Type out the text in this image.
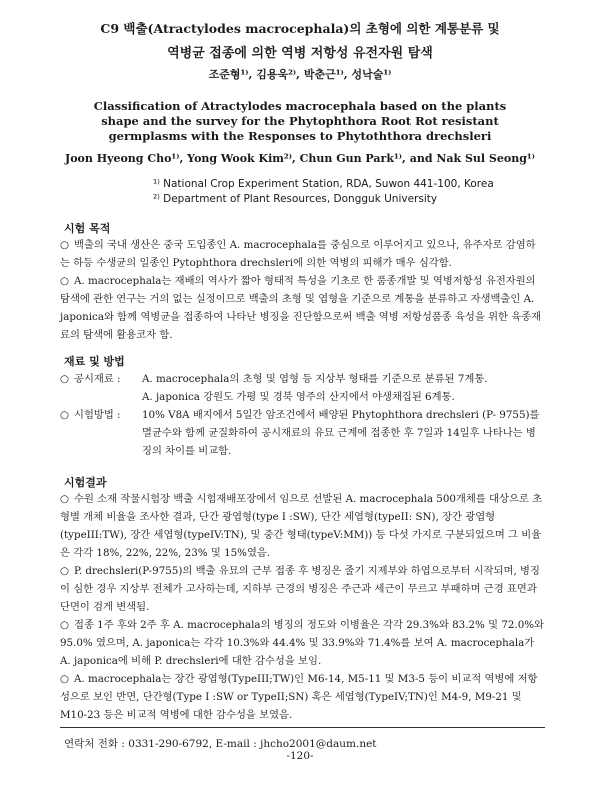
C9 백출(Atractylodes macrocephala)의 초형에 의한 계통분류 및
역병균 접종에 의한 역병 저항성 유전자원 탐색
조준형¹⁾, 김용욱²⁾, 박춘근¹⁾, 성낙술¹⁾
Classification of Atractylodes macrocephala based on the plants shape and the survey for the Phytophthora Root Rot resistant germplasms with the Responses to Phytoththora drechsleri
Joon Hyeong Cho¹⁾, Yong Wook Kim²⁾, Chun Gun Park¹⁾, and Nak Sul Seong¹⁾
¹⁾ National Crop Experiment Station, RDA, Suwon 441-100, Korea
²⁾ Department of Plant Resources, Dongguk University
시험 목적
○ 백출의 국내 생산은 중국 도입종인 A. macrocephala를 중심으로 이루어지고 있으나, 유주자로 감염하는 하등 수생균의 일종인 Pytophthora drechsleri에 의한 역병의 피해가 매우 심각함.
○ A. macrocephala는 재배의 역사가 짧아 형태적 특성을 기초로 한 품종개발 및 역병저항성 유전자원의 탐색에 관한 연구는 거의 없는 실정이므로 백출의 초형 및 엽형을 기준으로 계통을 분류하고 자생백출인 A. japonica와 함께 역병균을 접종하여 나타난 병징을 진단함으로써 백출 역병 저항성품종 육성을 위한 육종재료의 탐색에 활용코자 함.
재료 및 방법
○ 공시재료 :	A. macrocephala의 초형 및 엽형 등 지상부 형태를 기준으로 분류된 7계통.
A. japonica 강원도 가평 및 경북 영주의 산지에서 야생채집된 6계통.
○ 시험방법 :	10% V8A 배지에서 5일간 암조건에서 배양된 Phytophthora drechsleri (P- 9755)를 멸균수와 함께 균질화하여 공시재료의 유묘 근계에 접종한 후 7일과 14일후 나타나는 병징의 차이를 비교함.
시험결과
○ 수원 소재 작물시험장 백출 시험재배포장에서 임으로 선발된 A. macrocephala 500개체를 대상으로 초형별 개체 비율을 조사한 결과, 단간 광엽형(type I :SW), 단간 세엽형(typeII: SN), 장간 광엽형(typeIII:TW), 장간 세엽형(typeIV:TN), 및 중간 형태(typeV:MM)) 등 다섯 가지로 구분되었으며 그 비율은 각각 18%, 22%, 22%, 23% 및 15%였음.
○ P. drechsleri(P-9755)의 백출 유묘의 근부 접종 후 병징은 줄기 지제부와 하엽으로부터 시작되며, 병징이 심한 경우 지상부 전체가 고사하는데, 지하부 근경의 병징은 주근과 세근이 무르고 부패하며 근경 표면과 단면이 검게 변색됨.
○ 접종 1주 후와 2주 후 A. macrocephala의 병징의 정도와 이병율은 각각 29.3%와 83.2% 및 72.0%와 95.0% 였으며, A. japonica는 각각 10.3%와 44.4% 및 33.9%와 71.4%를 보여 A. macrocephala가 A. japonica에 비해 P. drechsleri에 대한 감수성을 보임.
○ A. macrocephala는 장간 광엽형(TypeIII;TW)인 M6-14, M5-11 및 M3-5 등이 비교적 역병에 저항성으로 보인 반면, 단간형(Type I :SW or TypeII;SN) 혹은 세엽형(TypeIV;TN)인 M4-9, M9-21 및 M10-23 등은 비교적 역병에 대한 감수성을 보였음.
연락처 전화 : 0331-290-6792, E-mail : jhcho2001@daum.net
-120-
